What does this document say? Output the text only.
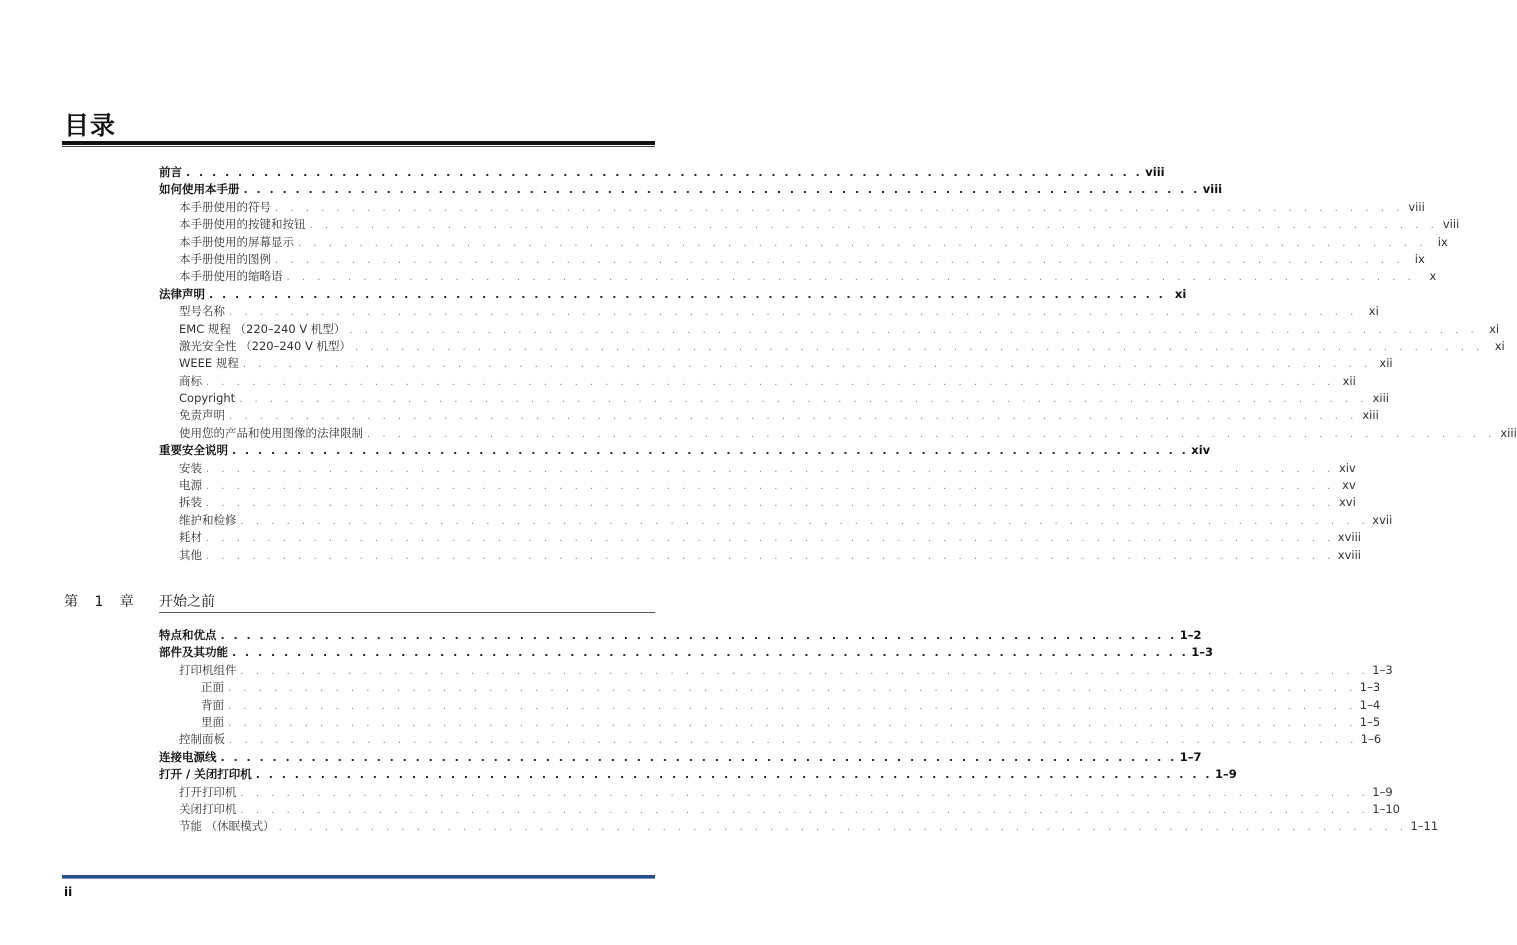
目录
前言 . . . . . . . . . . . . . . . . . . . . . . . . . . . . . . . . . . . . . . . . . . . . . . . . . . . . . . . . . . . . . . . . . . . . . . . . . . viii
如何使用本手册 . . . . . . . . . . . . . . . . . . . . . . . . . . . . . . . . . . . . . . . . . . . . . . . . . . . . . . . . . . . . . . . . . . . . . . . . . . viii
本手册使用的符号 . . . . . . . . . . . . . . . . . . . . . . . . . . . . . . . . . . . . . . . . . . . . . . . . . . . . . . . . . . . . . . . . . . . . . . . . . . viii
本手册使用的按键和按钮 . . . . . . . . . . . . . . . . . . . . . . . . . . . . . . . . . . . . . . . . . . . . . . . . . . . . . . . . . . . . . . . . . . . . . . . . . . viii
本手册使用的屏幕显示 . . . . . . . . . . . . . . . . . . . . . . . . . . . . . . . . . . . . . . . . . . . . . . . . . . . . . . . . . . . . . . . . . . . . . . . . . . ix
本手册使用的图例 . . . . . . . . . . . . . . . . . . . . . . . . . . . . . . . . . . . . . . . . . . . . . . . . . . . . . . . . . . . . . . . . . . . . . . . . . . ix
本手册使用的缩略语 . . . . . . . . . . . . . . . . . . . . . . . . . . . . . . . . . . . . . . . . . . . . . . . . . . . . . . . . . . . . . . . . . . . . . . . . . .	x
法律声明 . . . . . . . . . . . . . . . . . . . . . . . . . . . . . . . . . . . . . . . . . . . . . . . . . . . . . . . . . . . . . . . . . . . . . . . . . . xi
型号名称 . . . . . . . . . . . . . . . . . . . . . . . . . . . . . . . . . . . . . . . . . . . . . . . . . . . . . . . . . . . . . . . . . . . . . . . . . . xi
EMC 规程 （220–240 V 机型） . . . . . . . . . . . . . . . . . . . . . . . . . . . . . . . . . . . . . . . . . . . . . . . . . . . . . . . . . . . . . . . . . . . . . . . . . . xi
激光安全性 （220–240 V 机型） . . . . . . . . . . . . . . . . . . . . . . . . . . . . . . . . . . . . . . . . . . . . . . . . . . . . . . . . . . . . . . . . . . . . . . . . . . xi
WEEE 规程 . . . . . . . . . . . . . . . . . . . . . . . . . . . . . . . . . . . . . . . . . . . . . . . . . . . . . . . . . . . . . . . . . . . . . . . . . . xii
商标 . . . . . . . . . . . . . . . . . . . . . . . . . . . . . . . . . . . . . . . . . . . . . . . . . . . . . . . . . . . . . . . . . . . . . . . . . . xii
Copyright . . . . . . . . . . . . . . . . . . . . . . . . . . . . . . . . . . . . . . . . . . . . . . . . . . . . . . . . . . . . . . . . . . . . . . . . . . xiii
免责声明 . . . . . . . . . . . . . . . . . . . . . . . . . . . . . . . . . . . . . . . . . . . . . . . . . . . . . . . . . . . . . . . . . . . . . . . . . . xiii
使用您的产品和使用图像的法律限制 . . . . . . . . . . . . . . . . . . . . . . . . . . . . . . . . . . . . . . . . . . . . . . . . . . . . . . . . . . . . . . . . . . . . . . . . . . xiii
重要安全说明 . . . . . . . . . . . . . . . . . . . . . . . . . . . . . . . . . . . . . . . . . . . . . . . . . . . . . . . . . . . . . . . . . . . . . . . . . . xiv
安装 . . . . . . . . . . . . . . . . . . . . . . . . . . . . . . . . . . . . . . . . . . . . . . . . . . . . . . . . . . . . . . . . . . . . . . . . . . xiv
电源 . . . . . . . . . . . . . . . . . . . . . . . . . . . . . . . . . . . . . . . . . . . . . . . . . . . . . . . . . . . . . . . . . . . . . . . . . . xv
拆装 . . . . . . . . . . . . . . . . . . . . . . . . . . . . . . . . . . . . . . . . . . . . . . . . . . . . . . . . . . . . . . . . . . . . . . . . . . xvi
维护和检修 . . . . . . . . . . . . . . . . . . . . . . . . . . . . . . . . . . . . . . . . . . . . . . . . . . . . . . . . . . . . . . . . . . . . . . . . . . xvii
耗材 . . . . . . . . . . . . . . . . . . . . . . . . . . . . . . . . . . . . . . . . . . . . . . . . . . . . . . . . . . . . . . . . . . . . . . . . . . xviii
其他 . . . . . . . . . . . . . . . . . . . . . . . . . . . . . . . . . . . . . . . . . . . . . . . . . . . . . . . . . . . . . . . . . . . . . . . . . . xviii
第 1 章 开始之前
特点和优点 . . . . . . . . . . . . . . . . . . . . . . . . . . . . . . . . . . . . . . . . . . . . . . . . . . . . . . . . . . . . . . . . . . . . . . . . . . 1–2
部件及其功能 . . . . . . . . . . . . . . . . . . . . . . . . . . . . . . . . . . . . . . . . . . . . . . . . . . . . . . . . . . . . . . . . . . . . . . . . . . 1–3
打印机组件 . . . . . . . . . . . . . . . . . . . . . . . . . . . . . . . . . . . . . . . . . . . . . . . . . . . . . . . . . . . . . . . . . . . . . . . . . . 1–3
正面 . . . . . . . . . . . . . . . . . . . . . . . . . . . . . . . . . . . . . . . . . . . . . . . . . . . . . . . . . . . . . . . . . . . . . . . . . . 1–3
背面 . . . . . . . . . . . . . . . . . . . . . . . . . . . . . . . . . . . . . . . . . . . . . . . . . . . . . . . . . . . . . . . . . . . . . . . . . . 1–4
里面 . . . . . . . . . . . . . . . . . . . . . . . . . . . . . . . . . . . . . . . . . . . . . . . . . . . . . . . . . . . . . . . . . . . . . . . . . . 1–5
控制面板 . . . . . . . . . . . . . . . . . . . . . . . . . . . . . . . . . . . . . . . . . . . . . . . . . . . . . . . . . . . . . . . . . . . . . . . . . . 1–6
连接电源线 . . . . . . . . . . . . . . . . . . . . . . . . . . . . . . . . . . . . . . . . . . . . . . . . . . . . . . . . . . . . . . . . . . . . . . . . . . 1–7
打开 / 关闭打印机 . . . . . . . . . . . . . . . . . . . . . . . . . . . . . . . . . . . . . . . . . . . . . . . . . . . . . . . . . . . . . . . . . . . . . . . . . . 1–9
打开打印机 . . . . . . . . . . . . . . . . . . . . . . . . . . . . . . . . . . . . . . . . . . . . . . . . . . . . . . . . . . . . . . . . . . . . . . . . . . 1–9
关闭打印机 . . . . . . . . . . . . . . . . . . . . . . . . . . . . . . . . . . . . . . . . . . . . . . . . . . . . . . . . . . . . . . . . . . . . . . . . . . 1–10
节能 （休眠模式） . . . . . . . . . . . . . . . . . . . . . . . . . . . . . . . . . . . . . . . . . . . . . . . . . . . . . . . . . . . . . . . . . . . . . . . . . . 1–11
ii
